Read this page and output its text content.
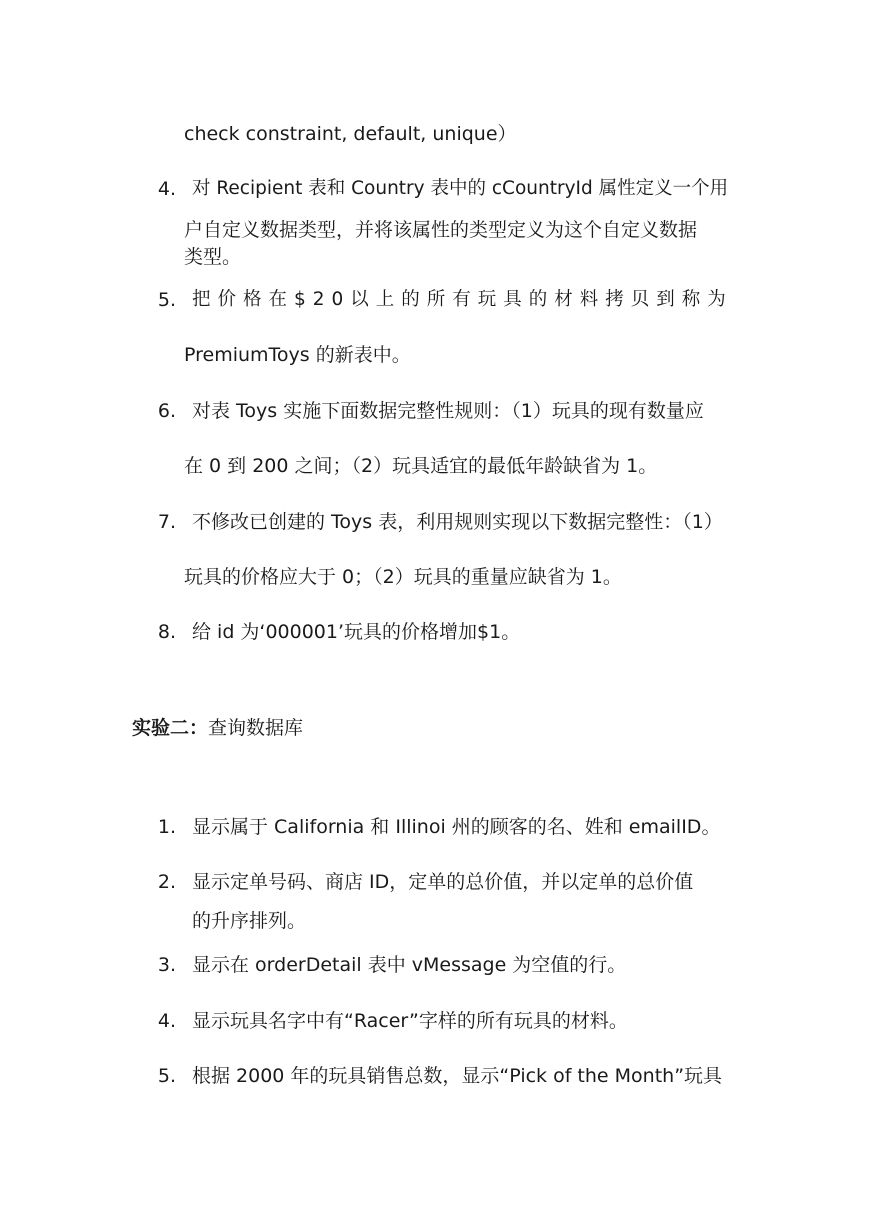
check constraint, default, unique）
4. 对 Recipient 表和 Country 表中的 cCountryId 属性定义一个用
户自定义数据类型，并将该属性的类型定义为这个自定义数据
类型。
5. 把价格在$20以上的所有玩具的材料拷贝到称为
PremiumToys 的新表中。
6. 对表 Toys 实施下面数据完整性规则：（1）玩具的现有数量应
在 0 到 200 之间；（2）玩具适宜的最低年龄缺省为 1。
7. 不修改已创建的 Toys 表，利用规则实现以下数据完整性：（1）
玩具的价格应大于 0；（2）玩具的重量应缺省为 1。
8. 给 id 为‘000001’玩具的价格增加$1。
实验二：查询数据库
1. 显示属于 California 和 Illinoi 州的顾客的名、姓和 emailID。
2. 显示定单号码、商店 ID，定单的总价值，并以定单的总价值
的升序排列。
3. 显示在 orderDetail 表中 vMessage 为空值的行。
4. 显示玩具名字中有“Racer”字样的所有玩具的材料。
5. 根据 2000 年的玩具销售总数，显示“Pick of the Month”玩具
